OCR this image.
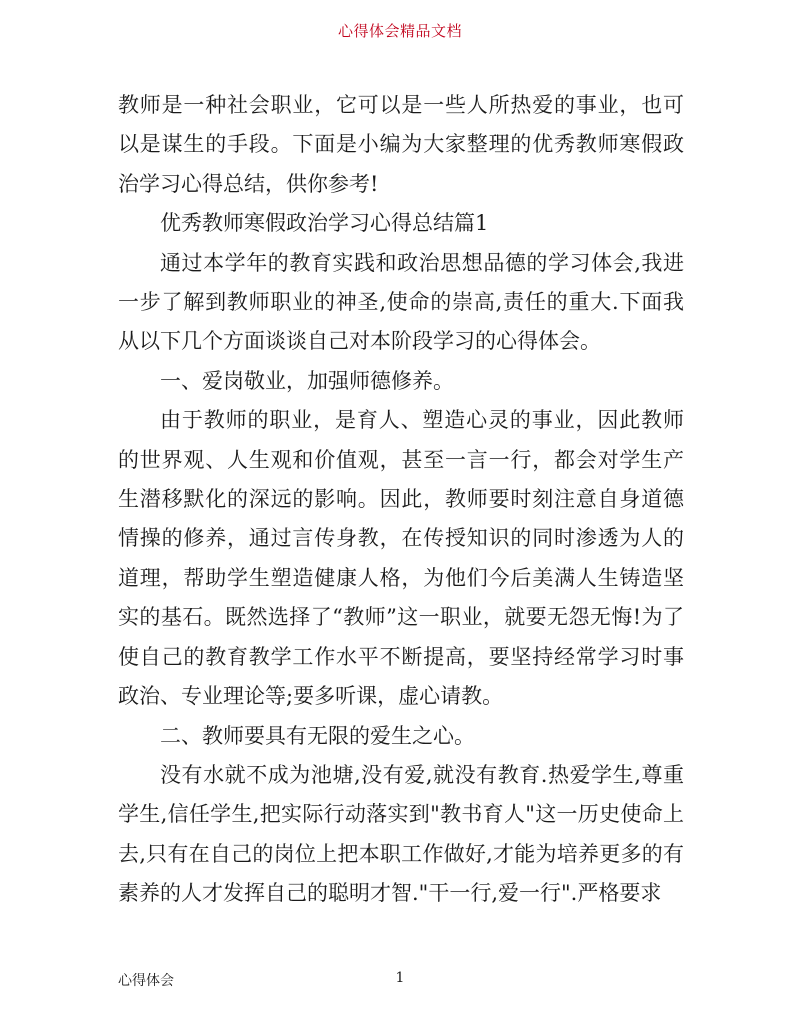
心得体会精品文档

教师是一种社会职业，它可以是一些人所热爱的事业，也可以是谋生的手段。下面是小编为大家整理的优秀教师寒假政治学习心得总结，供你参考!

优秀教师寒假政治学习心得总结篇1

通过本学年的教育实践和政治思想品德的学习体会,我进一步了解到教师职业的神圣,使命的崇高,责任的重大.下面我从以下几个方面谈谈自己对本阶段学习的心得体会。

一、爱岗敬业，加强师德修养。

由于教师的职业，是育人、塑造心灵的事业，因此教师的世界观、人生观和价值观，甚至一言一行，都会对学生产生潜移默化的深远的影响。因此，教师要时刻注意自身道德情操的修养，通过言传身教，在传授知识的同时渗透为人的道理，帮助学生塑造健康人格，为他们今后美满人生铸造坚实的基石。既然选择了“教师”这一职业，就要无怨无悔!为了使自己的教育教学工作水平不断提高，要坚持经常学习时事政治、专业理论等;要多听课，虚心请教。

二、教师要具有无限的爱生之心。

没有水就不成为池塘,没有爱,就没有教育.热爱学生,尊重学生,信任学生,把实际行动落实到"教书育人"这一历史使命上去,只有在自己的岗位上把本职工作做好,才能为培养更多的有素养的人才发挥自己的聪明才智."干一行,爱一行".严格要求

心得体会	1
